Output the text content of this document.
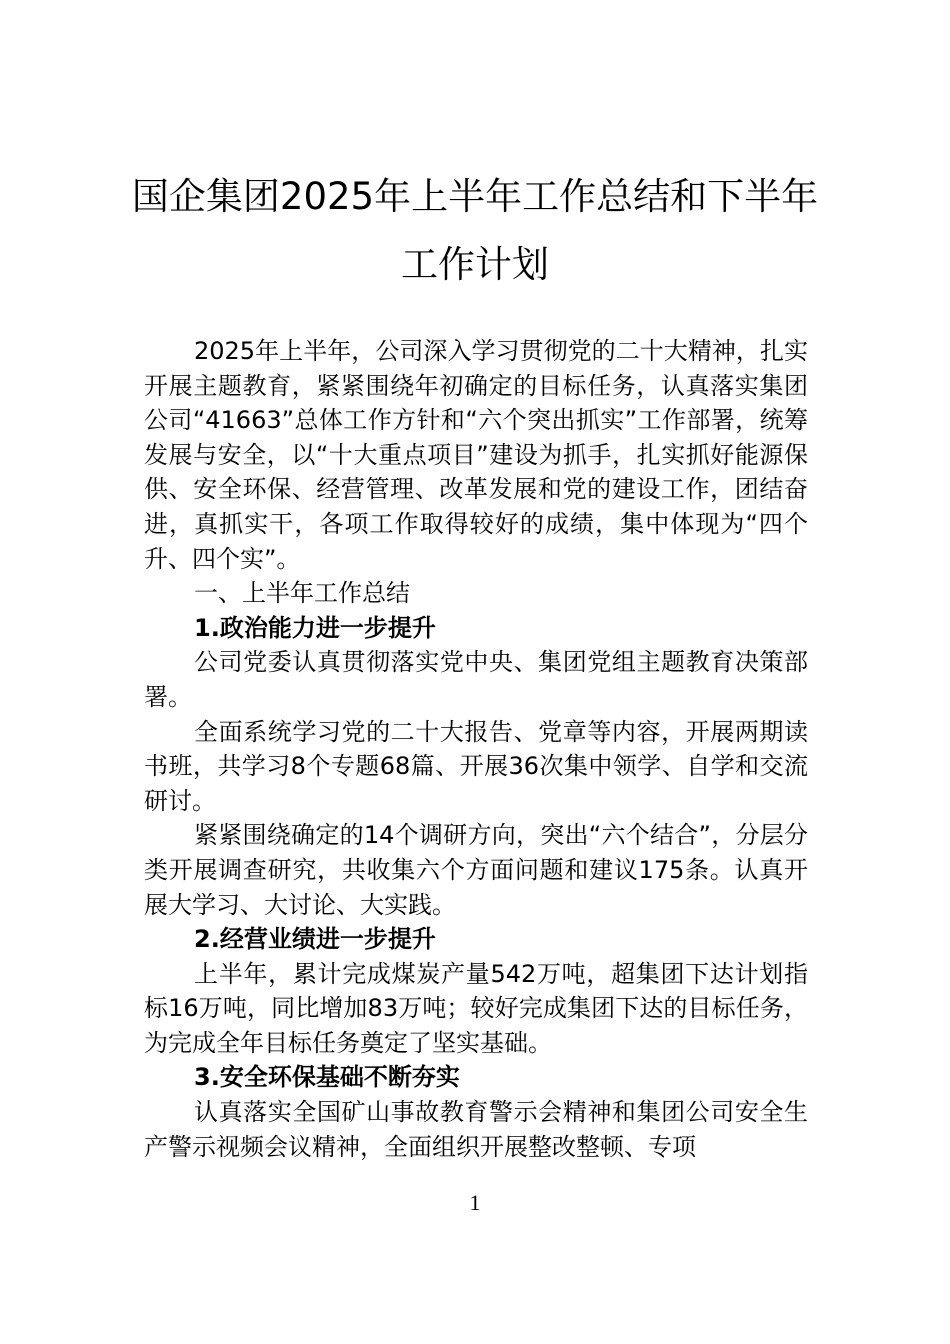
国企集团2025年上半年工作总结和下半年
工作计划

2025年上半年，公司深入学习贯彻党的二十大精神，扎实开展主题教育，紧紧围绕年初确定的目标任务，认真落实集团公司“41663”总体工作方针和“六个突出抓实”工作部署，统筹发展与安全，以“十大重点项目”建设为抓手，扎实抓好能源保供、安全环保、经营管理、改革发展和党的建设工作，团结奋进，真抓实干，各项工作取得较好的成绩，集中体现为“四个升、四个实”。

一、上半年工作总结

1.政治能力进一步提升

公司党委认真贯彻落实党中央、集团党组主题教育决策部署。

全面系统学习党的二十大报告、党章等内容，开展两期读书班，共学习8个专题68篇、开展36次集中领学、自学和交流研讨。

紧紧围绕确定的14个调研方向，突出“六个结合”，分层分类开展调查研究，共收集六个方面问题和建议175条。认真开展大学习、大讨论、大实践。

2.经营业绩进一步提升

上半年，累计完成煤炭产量542万吨，超集团下达计划指标16万吨，同比增加83万吨；较好完成集团下达的目标任务，为完成全年目标任务奠定了坚实基础。

3.安全环保基础不断夯实

认真落实全国矿山事故教育警示会精神和集团公司安全生产警示视频会议精神，全面组织开展整改整顿、专项

1
